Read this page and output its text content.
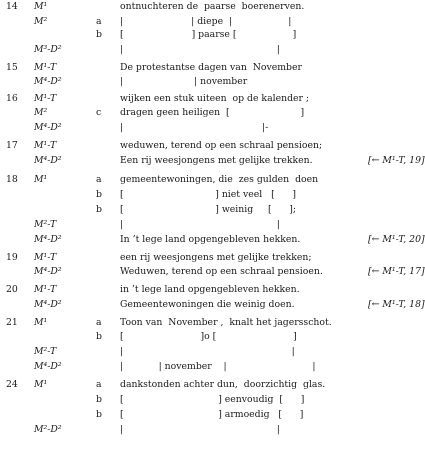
14 M¹	ontnuchteren de  paarse  boerenerven.
M²	a |                       | diepe  |                   |
b [                       ] paarse [                   ]
M³-D²	|                                                    |
15 M¹-T	De protestantse dagen van  November
M⁴-D²	|                        | november
16 M¹-T	wijken een stuk uiteen  op de kalender ;
M²	c dragen geen heiligen  [                        ]
M⁴-D²	|                                               |-
17 M¹-T	weduwen, terend op een schraal pensioen;
M⁴-D²	Een rij weesjongens met gelijke trekken.	[← M¹-T, 19]
18 M¹	a gemeentewoningen, die  zes gulden  doen
b [                               ] niet veel   [      ]
b [                               ] weinig     [      ];
M²-T	|                                                    |
M⁴-D²	In ’t lege land opgengebleven hekken.	[← M¹-T, 20]
19 M¹-T	een rij weesjongens met gelijke trekken;
M⁴-D²	Weduwen, terend op een schraal pensioen.	[← M¹-T, 17]
20 M¹-T	in ’t lege land opgengebleven hekken.
M⁴-D²	Gemeentewoningen die weinig doen.	[← M¹-T, 18]
21 M¹	a Toon van  November ,  knalt het jagersschot.
b [                          ]o [                          ]
M²-T	|                                                         |
M⁴-D²	|            | november    |                             |
24 M¹	a dankstonden achter dun,  doorzichtig  glas.
b [                                ] eenvoudig  [      ]
b [                                ] armoedig   [      ]
M²-D²	|                                                    |
